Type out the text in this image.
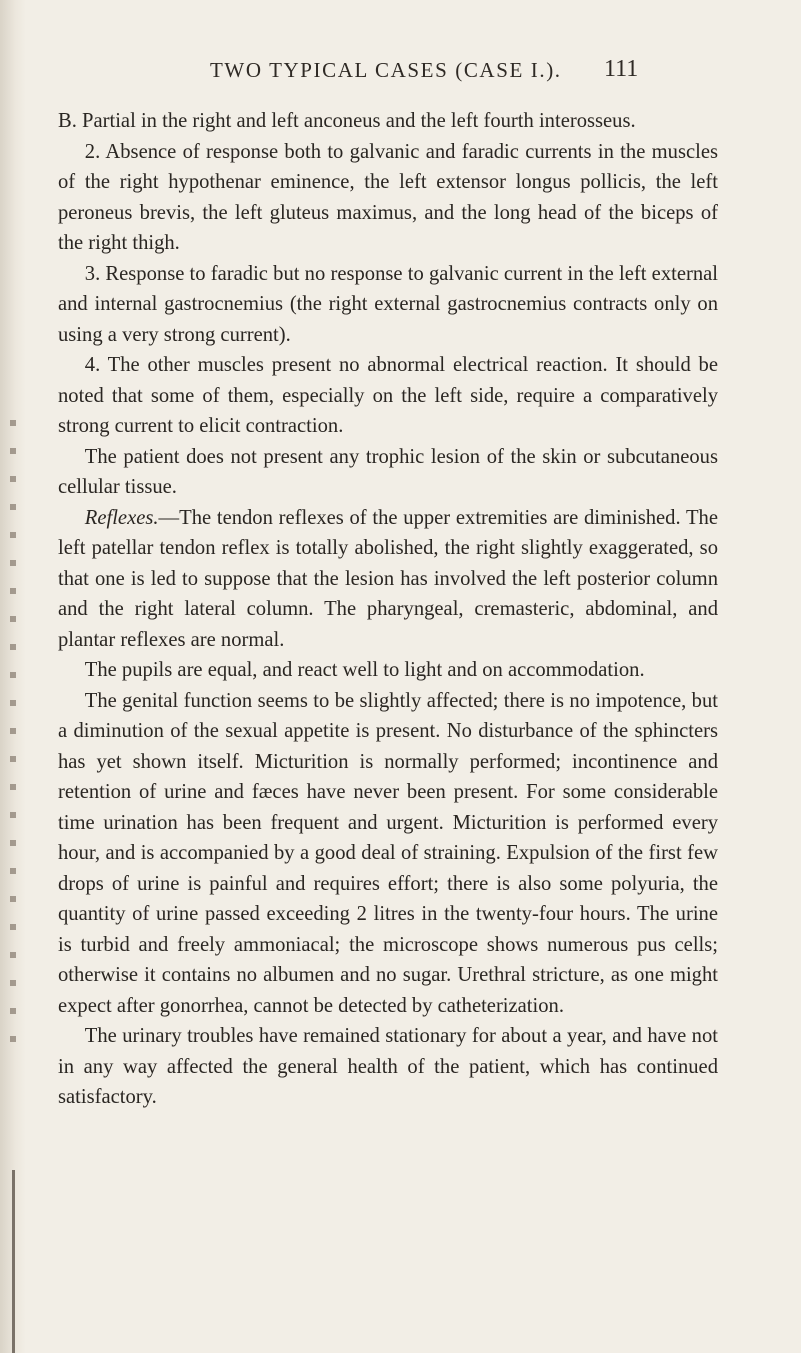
TWO TYPICAL CASES (CASE I.). 111

B. Partial in the right and left anconeus and the left fourth interosseus.

2. Absence of response both to galvanic and faradic currents in the muscles of the right hypothenar eminence, the left extensor longus pollicis, the left peroneus brevis, the left gluteus maximus, and the long head of the biceps of the right thigh.

3. Response to faradic but no response to galvanic current in the left external and internal gastrocnemius (the right external gastrocnemius contracts only on using a very strong current).

4. The other muscles present no abnormal electrical reaction. It should be noted that some of them, especially on the left side, require a comparatively strong current to elicit contraction.

The patient does not present any trophic lesion of the skin or subcutaneous cellular tissue.

Reflexes.—The tendon reflexes of the upper extremities are diminished. The left patellar tendon reflex is totally abolished, the right slightly exaggerated, so that one is led to suppose that the lesion has involved the left posterior column and the right lateral column. The pharyngeal, cremasteric, abdominal, and plantar reflexes are normal.

The pupils are equal, and react well to light and on accommodation.

The genital function seems to be slightly affected; there is no impotence, but a diminution of the sexual appetite is present. No disturbance of the sphincters has yet shown itself. Micturition is normally performed; incontinence and retention of urine and fæces have never been present. For some considerable time urination has been frequent and urgent. Micturition is performed every hour, and is accompanied by a good deal of straining. Expulsion of the first few drops of urine is painful and requires effort; there is also some polyuria, the quantity of urine passed exceeding 2 litres in the twenty-four hours. The urine is turbid and freely ammoniacal; the microscope shows numerous pus cells; otherwise it contains no albumen and no sugar. Urethral stricture, as one might expect after gonorrhea, cannot be detected by catheterization.

The urinary troubles have remained stationary for about a year, and have not in any way affected the general health of the patient, which has continued satisfactory.
